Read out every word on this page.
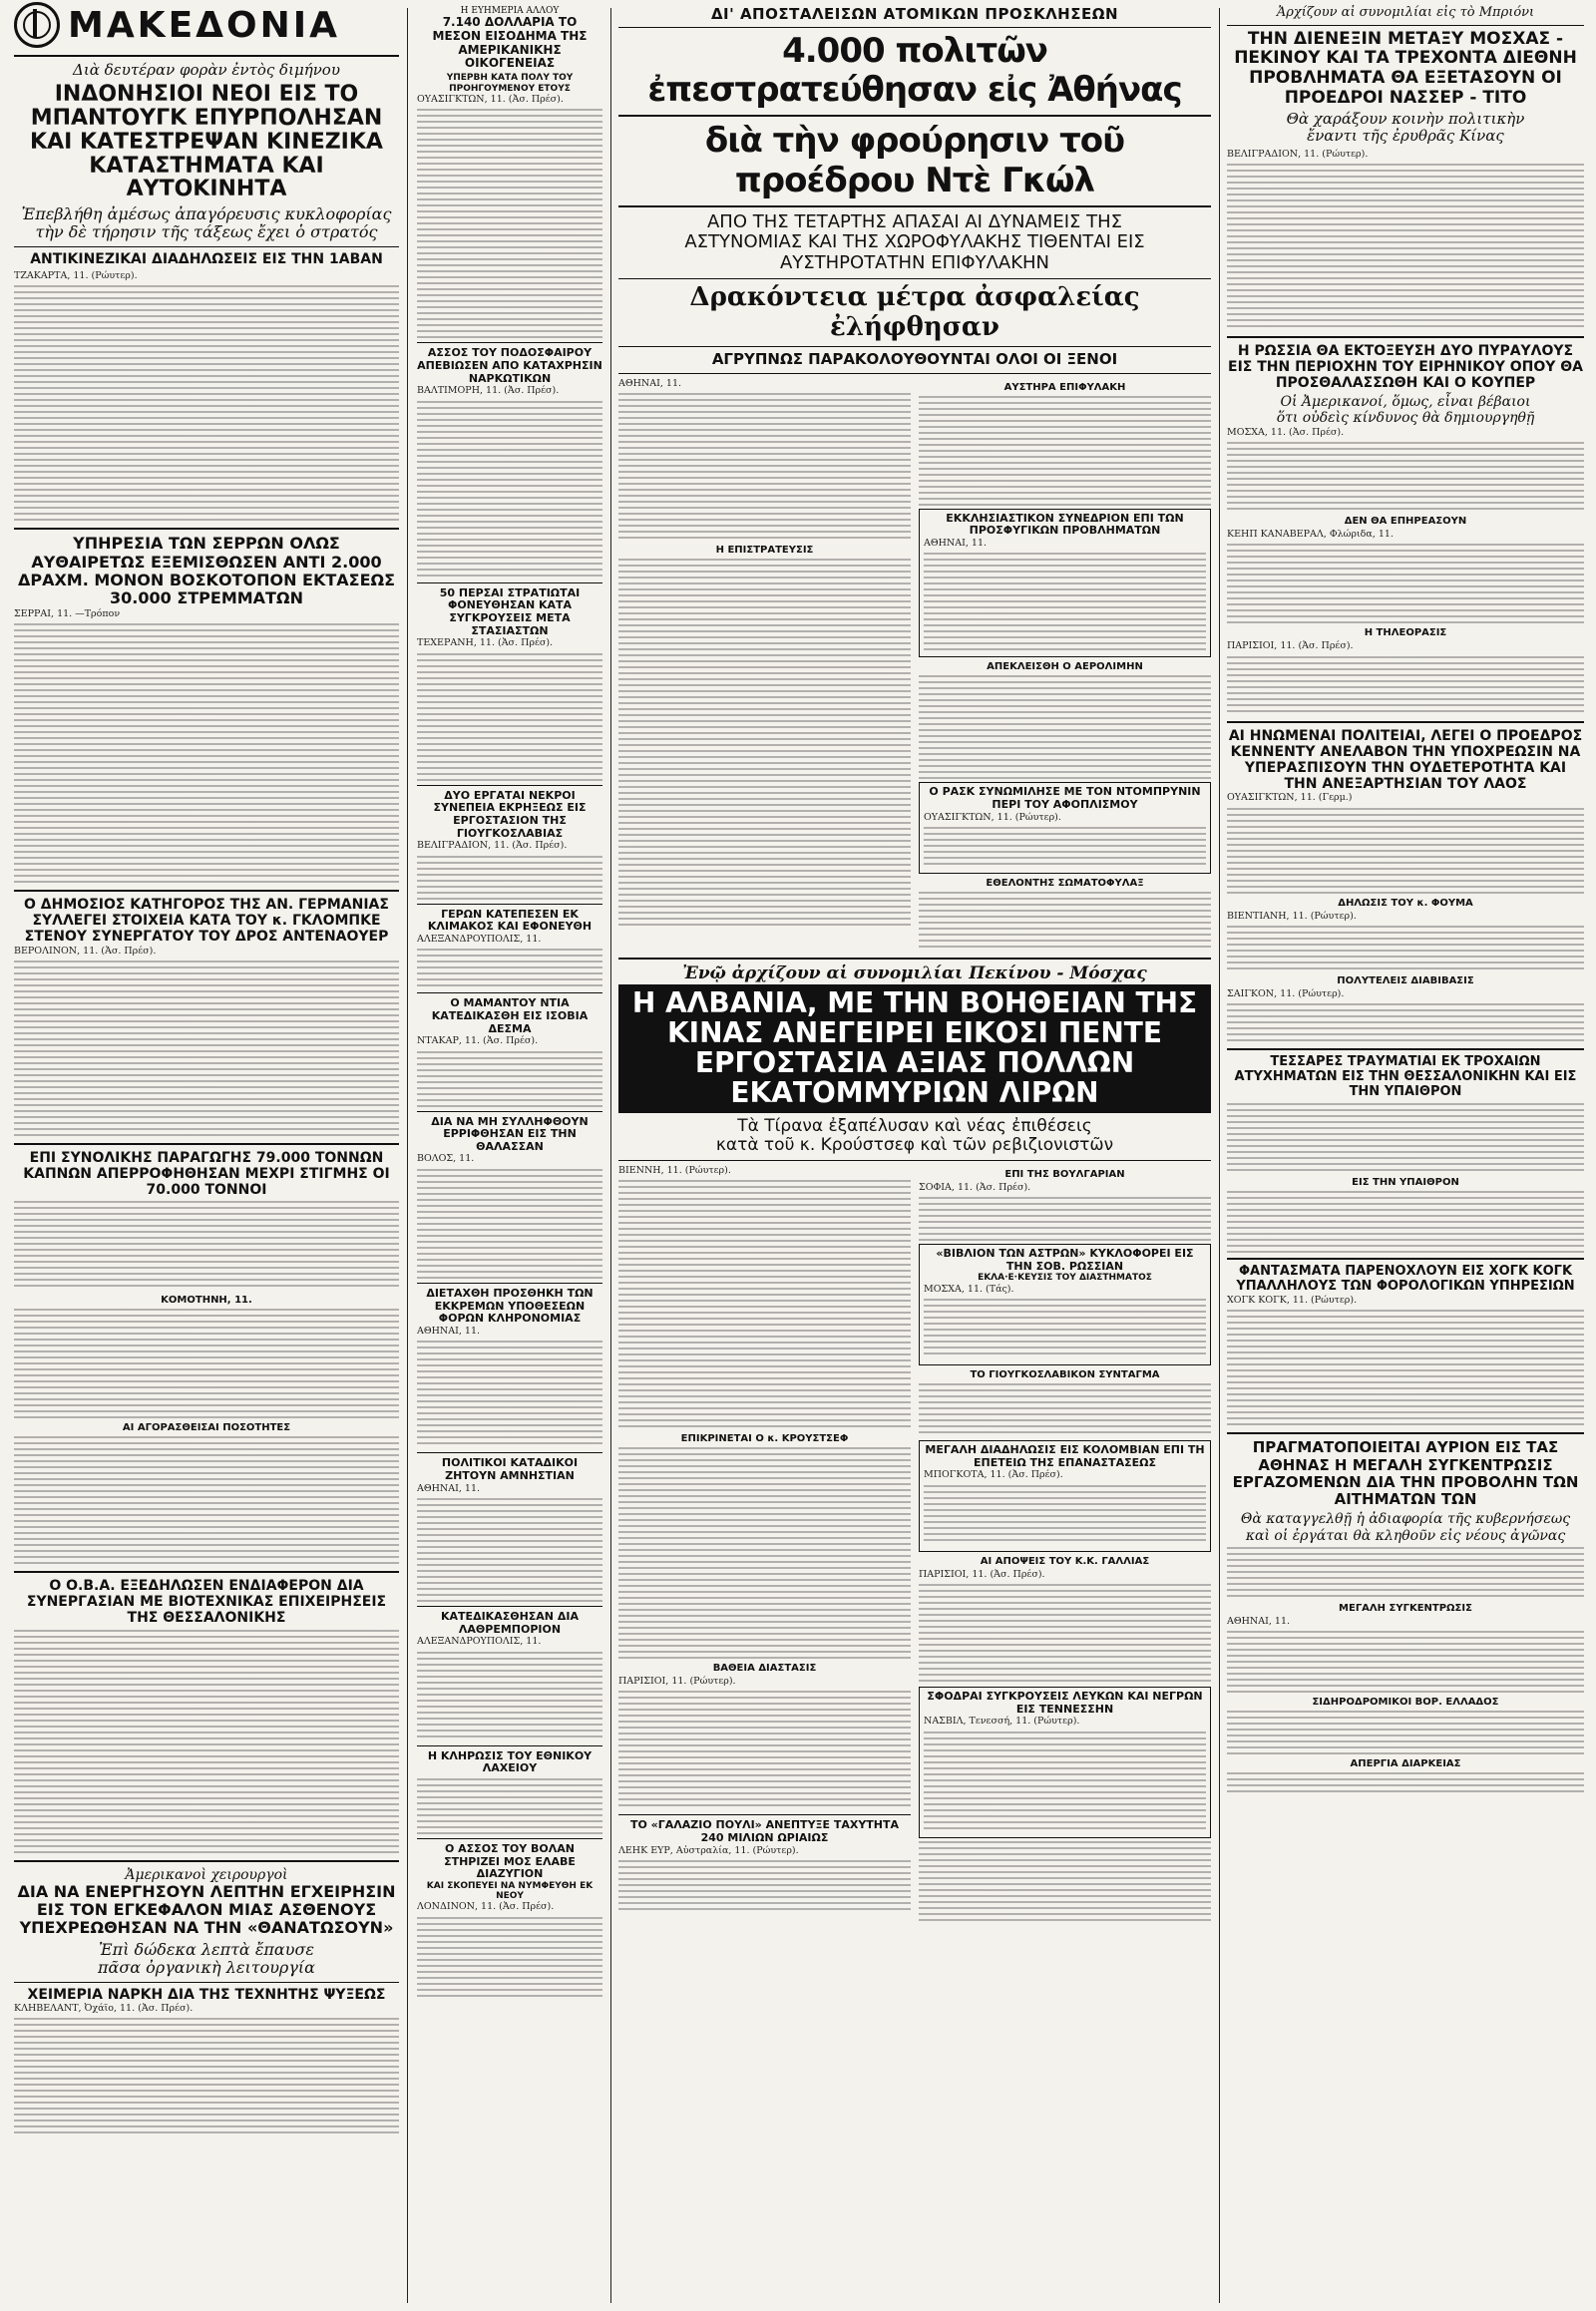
ΜΑΚΕΔΟΝΙΑ
Διὰ δευτέραν φορὰν ἐντὸς διμήνου
ΙΝΔΟΝΗΣΙΟΙ ΝΕΟΙ ΕΙΣ ΤΟ ΜΠΑΝΤΟΥΓΚ ΕΠΥΡΠΟΛΗΣΑΝ ΚΑΙ ΚΑΤΕΣΤΡΕΨΑΝ ΚΙΝΕΖΙΚΑ ΚΑΤΑΣΤΗΜΑΤΑ ΚΑΙ ΑΥΤΟΚΙΝΗΤΑ
Ἐπεβλήθη ἀμέσως ἀπαγόρευσις κυκλοφορίας
τὴν δὲ τήρησιν τῆς τάξεως ἔχει ὁ στρατός
ΑΝΤΙΚΙΝΕΖΙΚΑΙ ΔΙΑΔΗΛΩΣΕΙΣ ΕΙΣ ΤΗΝ 1ΑΒΑΝ
ΤΖΑΚΑΡΤΑ, 11. (Ρώυτερ).
ΥΠΗΡΕΣΙΑ ΤΩΝ ΣΕΡΡΩΝ ΟΛΩΣ ΑΥΘΑΙΡΕΤΩΣ ΕΞΕΜΙΣΘΩΣΕΝ ΑΝΤΙ 2.000 ΔΡΑΧΜ. ΜΟΝΟΝ ΒΟΣΚΟΤΟΠΟΝ ΕΚΤΑΣΕΩΣ 30.000 ΣΤΡΕΜΜΑΤΩΝ
ΣΕΡΡΑΙ, 11. —Τρόπον
Ο ΔΗΜΟΣΙΟΣ ΚΑΤΗΓΟΡΟΣ ΤΗΣ ΑΝ. ΓΕΡΜΑΝΙΑΣ ΣΥΛΛΕΓΕΙ ΣΤΟΙΧΕΙΑ ΚΑΤΑ ΤΟΥ κ. ΓΚΛΟΜΠΚΕ ΣΤΕΝΟΥ ΣΥΝΕΡΓΑΤΟΥ ΤΟΥ ΔΡΟΣ ΑΝΤΕΝΑΟΥΕΡ
ΒΕΡΟΛΙΝΟΝ, 11. (Ἀσ. Πρέσ).
ΕΠΙ ΣΥΝΟΛΙΚΗΣ ΠΑΡΑΓΩΓΗΣ 79.000 ΤΟΝΝΩΝ ΚΑΠΝΩΝ ΑΠΕΡΡΟΦΗΘΗΣΑΝ ΜΕΧΡΙ ΣΤΙΓΜΗΣ ΟΙ 70.000 ΤΟΝΝΟΙ
ΚΟΜΟΤΗΝΗ, 11.
ΑΙ ΑΓΟΡΑΣΘΕΙΣΑΙ ΠΟΣΟΤΗΤΕΣ
Ο Ο.Β.Α. ΕΞΕΔΗΛΩΣΕΝ ΕΝΔΙΑΦΕΡΟΝ ΔΙΑ ΣΥΝΕΡΓΑΣΙΑΝ ΜΕ ΒΙΟΤΕΧΝΙΚΑΣ ΕΠΙΧΕΙΡΗΣΕΙΣ ΤΗΣ ΘΕΣΣΑΛΟΝΙΚΗΣ
Ἀμερικανοὶ χειρουργοὶ
ΔΙΑ ΝΑ ΕΝΕΡΓΗΣΟΥΝ ΛΕΠΤΗΝ ΕΓΧΕΙΡΗΣΙΝ ΕΙΣ ΤΟΝ ΕΓΚΕΦΑΛΟΝ ΜΙΑΣ ΑΣΘΕΝΟΥΣ ΥΠΕΧΡΕΩΘΗΣΑΝ ΝΑ ΤΗΝ «ΘΑΝΑΤΩΣΟΥΝ»
Ἐπὶ δώδεκα λεπτὰ ἔπαυσε
πᾶσα ὀργανικὴ λειτουργία
ΧΕΙΜΕΡΙΑ ΝΑΡΚΗ ΔΙΑ ΤΗΣ ΤΕΧΝΗΤΗΣ ΨΥΞΕΩΣ
ΚΛΗΒΕΛΑΝΤ, Ὀχάϊο, 11. (Ἀσ. Πρέσ).
Η ΕΥΗΜΕΡΙΑ ΑΛΛΟΥ
7.140 ΔΟΛΛΑΡΙΑ ΤΟ ΜΕΣΟΝ ΕΙΣΟΔΗΜΑ ΤΗΣ ΑΜΕΡΙΚΑΝΙΚΗΣ ΟΙΚΟΓΕΝΕΙΑΣ
ΥΠΕΡΒΗ ΚΑΤΑ ΠΟΛΥ ΤΟΥ ΠΡΟΗΓΟΥΜΕΝΟΥ ΕΤΟΥΣ
ΟΥΑΣΙΓΚΤΩΝ, 11. (Ἀσ. Πρέσ).
ΑΣΣΟΣ ΤΟΥ ΠΟΔΟΣΦΑΙΡΟΥ ΑΠΕΒΙΩΣΕΝ ΑΠΟ ΚΑΤΑΧΡΗΣΙΝ ΝΑΡΚΩΤΙΚΩΝ
ΒΑΛΤΙΜΟΡΗ, 11. (Ἀσ. Πρέσ).
50 ΠΕΡΣΑΙ ΣΤΡΑΤΙΩΤΑΙ ΦΟΝΕΥΘΗΣΑΝ ΚΑΤΑ ΣΥΓΚΡΟΥΣΕΙΣ ΜΕΤΑ ΣΤΑΣΙΑΣΤΩΝ
ΤΕΧΕΡΑΝΗ, 11. (Ἀσ. Πρέσ).
ΔΥΟ ΕΡΓΑΤΑΙ ΝΕΚΡΟΙ ΣΥΝΕΠΕΙΑ ΕΚΡΗΞΕΩΣ ΕΙΣ ΕΡΓΟΣΤΑΣΙΟΝ ΤΗΣ ΓΙΟΥΓΚΟΣΛΑΒΙΑΣ
ΒΕΛΙΓΡΑΔΙΟΝ, 11. (Ἀσ. Πρέσ).
ΓΕΡΩΝ ΚΑΤΕΠΕΣΕΝ ΕΚ ΚΛΙΜΑΚΟΣ ΚΑΙ ΕΦΟΝΕΥΘΗ
ΑΛΕΞΑΝΔΡΟΥΠΟΛΙΣ, 11.
Ο ΜΑΜΑΝΤΟΥ ΝΤΙΑ ΚΑΤΕΔΙΚΑΣΘΗ ΕΙΣ ΙΣΟΒΙΑ ΔΕΣΜΑ
ΝΤΑΚΑΡ, 11. (Ἀσ. Πρέσ).
ΔΙΑ ΝΑ ΜΗ ΣΥΛΛΗΦΘΟΥΝ ΕΡΡΙΦΘΗΣΑΝ ΕΙΣ ΤΗΝ ΘΑΛΑΣΣΑΝ
ΒΟΛΟΣ, 11.
ΔΙΕΤΑΧΘΗ ΠΡΟΣΘΗΚΗ ΤΩΝ ΕΚΚΡΕΜΩΝ ΥΠΟΘΕΣΕΩΝ ΦΟΡΩΝ ΚΛΗΡΟΝΟΜΙΑΣ
ΑΘΗΝΑΙ, 11.
ΠΟΛΙΤΙΚΟΙ ΚΑΤΑΔΙΚΟΙ ΖΗΤΟΥΝ ΑΜΝΗΣΤΙΑΝ
ΑΘΗΝΑΙ, 11.
ΚΑΤΕΔΙΚΑΣΘΗΣΑΝ ΔΙΑ ΛΑΘΡΕΜΠΟΡΙΟΝ
ΑΛΕΞΑΝΔΡΟΥΠΟΛΙΣ, 11.
Η ΚΛΗΡΩΣΙΣ ΤΟΥ ΕΘΝΙΚΟΥ ΛΑΧΕΙΟΥ
Ο ΑΣΣΟΣ ΤΟΥ ΒΟΛΑΝ ΣΤΗΡΙΖΕΙ ΜΟΣ ΕΛΑΒΕ ΔΙΑΖΥΓΙΟΝ
ΚΑΙ ΣΚΟΠΕΥΕΙ ΝΑ ΝΥΜΦΕΥΘΗ ΕΚ ΝΕΟΥ
ΛΟΝΔΙΝΟΝ, 11. (Ἀσ. Πρέσ).
ΔΙ' ΑΠΟΣΤΑΛΕΙΣΩΝ ΑΤΟΜΙΚΩΝ ΠΡΟΣΚΛΗΣΕΩΝ
4.000 πολιτῶν ἐπεστρατεύθησαν εἰς Ἀθήνας
διὰ τὴν φρούρησιν τοῦ προέδρου Ντὲ Γκώλ
ΑΠΟ ΤΗΣ ΤΕΤΑΡΤΗΣ ΑΠΑΣΑΙ ΑΙ ΔΥΝΑΜΕΙΣ ΤΗΣ ΑΣΤΥΝΟΜΙΑΣ ΚΑΙ ΤΗΣ ΧΩΡΟΦΥΛΑΚΗΣ ΤΙΘΕΝΤΑΙ ΕΙΣ ΑΥΣΤΗΡΟΤΑΤΗΝ ΕΠΙΦΥΛΑΚΗΝ
Δρακόντεια μέτρα ἀσφαλείας ἐλήφθησαν
ΑΓΡΥΠΝΩΣ ΠΑΡΑΚΟΛΟΥΘΟΥΝΤΑΙ ΟΛΟΙ ΟΙ ΞΕΝΟΙ
ΑΘΗΝΑΙ, 11.
Η ΕΠΙΣΤΡΑΤΕΥΣΙΣ
ΑΥΣΤΗΡΑ ΕΠΙΦΥΛΑΚΗ
ΕΚΚΛΗΣΙΑΣΤΙΚΟΝ ΣΥΝΕΔΡΙΟΝ ΕΠΙ ΤΩΝ ΠΡΟΣΦΥΓΙΚΩΝ ΠΡΟΒΛΗΜΑΤΩΝ
ΑΘΗΝΑΙ, 11.
ΑΠΕΚΛΕΙΣΘΗ Ο ΑΕΡΟΛΙΜΗΝ
Ο ΡΑΣΚ ΣΥΝΩΜΙΛΗΣΕ ΜΕ ΤΟΝ ΝΤΟΜΠΡΥΝΙΝ ΠΕΡΙ ΤΟΥ ΑΦΟΠΛΙΣΜΟΥ
ΟΥΑΣΙΓΚΤΩΝ, 11. (Ρώυτερ).
ΕΘΕΛΟΝΤΗΣ ΣΩΜΑΤΟΦΥΛΑΞ
Ἐνῷ ἀρχίζουν αἱ συνομιλίαι Πεκίνου - Μόσχας
Η ΑΛΒΑΝΙΑ, ΜΕ ΤΗΝ ΒΟΗΘΕΙΑΝ ΤΗΣ ΚΙΝΑΣ ΑΝΕΓΕΙΡΕΙ ΕΙΚΟΣΙ ΠΕΝΤΕ ΕΡΓΟΣΤΑΣΙΑ ΑΞΙΑΣ ΠΟΛΛΩΝ ΕΚΑΤΟΜΜΥΡΙΩΝ ΛΙΡΩΝ
Τὰ Τίρανα ἐξαπέλυσαν καὶ νέας ἐπιθέσεις
κατὰ τοῦ κ. Κρούστσεφ καὶ τῶν ρεβιζιονιστῶν
ΒΙΕΝΝΗ, 11. (Ρώυτερ).
ΕΠΙΚΡΙΝΕΤΑΙ Ο κ. ΚΡΟΥΣΤΣΕΦ
ΒΑΘΕΙΑ ΔΙΑΣΤΑΣΙΣ
ΠΑΡΙΣΙΟΙ, 11. (Ρώυτερ).
ΤΟ «ΓΑΛΑΖΙΟ ΠΟΥΛΙ» ΑΝΕΠΤΥΞΕ ΤΑΧΥΤΗΤΑ 240 ΜΙΛΙΩΝ ΩΡΙΑΙΩΣ
ΛΕΗΚ ΕΥΡ, Αὐστραλία, 11. (Ρώυτερ).
ΕΠΙ ΤΗΣ ΒΟΥΛΓΑΡΙΑΝ
ΣΟΦΙΑ, 11. (Ἀσ. Πρέσ).
«ΒΙΒΛΙΟΝ ΤΩΝ ΑΣΤΡΩΝ» ΚΥΚΛΟΦΟΡΕΙ ΕΙΣ ΤΗΝ ΣΟΒ. ΡΩΣΣΙΑΝ
ΕΚΛΑ·Ε·ΚΕΥΣΙΣ ΤΟΥ ΔΙΑΣΤΗΜΑΤΟΣ
ΜΟΣΧΑ, 11. (Τάς).
ΤΟ ΓΙΟΥΓΚΟΣΛΑΒΙΚΟΝ ΣΥΝΤΑΓΜΑ
ΜΕΓΑΛΗ ΔΙΑΔΗΛΩΣΙΣ ΕΙΣ ΚΟΛΟΜΒΙΑΝ ΕΠΙ ΤΗ ΕΠΕΤΕΙΩ ΤΗΣ ΕΠΑΝΑΣΤΑΣΕΩΣ
ΜΠΟΓΚΟΤΑ, 11. (Ἀσ. Πρέσ).
ΑΙ ΑΠΟΨΕΙΣ ΤΟΥ Κ.Κ. ΓΑΛΛΙΑΣ
ΠΑΡΙΣΙΟΙ, 11. (Ἀσ. Πρέσ).
ΣΦΟΔΡΑΙ ΣΥΓΚΡΟΥΣΕΙΣ ΛΕΥΚΩΝ ΚΑΙ ΝΕΓΡΩΝ ΕΙΣ ΤΕΝΝΕΣΣΗΝ
ΝΑΣΒΙΛ, Τενεσσή, 11. (Ρώυτερ).
Ἀρχίζουν αἱ συνομιλίαι εἰς τὸ Μπριόνι
ΤΗΝ ΔΙΕΝΕΞΙΝ ΜΕΤΑΞΥ ΜΟΣΧΑΣ - ΠΕΚΙΝΟΥ ΚΑΙ ΤΑ ΤΡΕΧΟΝΤΑ ΔΙΕΘΝΗ ΠΡΟΒΛΗΜΑΤΑ ΘΑ ΕΞΕΤΑΣΟΥΝ ΟΙ ΠΡΟΕΔΡΟΙ ΝΑΣΣΕΡ - ΤΙΤΟ
Θὰ χαράξουν κοινὴν πολιτικὴν
ἔναντι τῆς ἐρυθρᾶς Κίνας
ΒΕΛΙΓΡΑΔΙΟΝ, 11. (Ρώυτερ).
Η ΡΩΣΣΙΑ ΘΑ ΕΚΤΟΞΕΥΣΗ ΔΥΟ ΠΥΡΑΥΛΟΥΣ ΕΙΣ ΤΗΝ ΠΕΡΙΟΧΗΝ ΤΟΥ ΕΙΡΗΝΙΚΟΥ ΟΠΟΥ ΘΑ ΠΡΟΣΘΑΛΑΣΣΩΘΗ ΚΑΙ Ο ΚΟΥΠΕΡ
Οἱ Ἀμερικανοί, ὅμως, εἶναι βέβαιοι
ὅτι οὐδεὶς κίνδυνος θὰ δημιουργηθῇ
ΜΟΣΧΑ, 11. (Ἀσ. Πρέσ).
ΔΕΝ ΘΑ ΕΠΗΡΕΑΣΟΥΝ
ΚΕΗΠ ΚΑΝΑΒΕΡΑΛ, Φλώριδα, 11.
Η ΤΗΛΕΟΡΑΣΙΣ
ΠΑΡΙΣΙΟΙ, 11. (Ἀσ. Πρέσ).
ΑΙ ΗΝΩΜΕΝΑΙ ΠΟΛΙΤΕΙΑΙ, ΛΕΓΕΙ Ο ΠΡΟΕΔΡΟΣ ΚΕΝΝΕΝΤΥ ΑΝΕΛΑΒΟΝ ΤΗΝ ΥΠΟΧΡΕΩΣΙΝ ΝΑ ΥΠΕΡΑΣΠΙΣΟΥΝ ΤΗΝ ΟΥΔΕΤΕΡΟΤΗΤΑ ΚΑΙ ΤΗΝ ΑΝΕΞΑΡΤΗΣΙΑΝ ΤΟΥ ΛΑΟΣ
ΟΥΑΣΙΓΚΤΩΝ, 11. (Γερμ.)
ΔΗΛΩΣΙΣ ΤΟΥ κ. ΦΟΥΜΑ
ΒΙΕΝΤΙΑΝΗ, 11. (Ρώυτερ).
ΠΟΛΥΤΕΛΕΙΣ ΔΙΑΒΙΒΑΣΙΣ
ΣΑΙΓΚΟΝ, 11. (Ρώυτερ).
ΤΕΣΣΑΡΕΣ ΤΡΑΥΜΑΤΙΑΙ ΕΚ ΤΡΟΧΑΙΩΝ ΑΤΥΧΗΜΑΤΩΝ ΕΙΣ ΤΗΝ ΘΕΣΣΑΛΟΝΙΚΗΝ ΚΑΙ ΕΙΣ ΤΗΝ ΥΠΑΙΘΡΟΝ
ΕΙΣ ΤΗΝ ΥΠΑΙΘΡΟΝ
ΦΑΝΤΑΣΜΑΤΑ ΠΑΡΕΝΟΧΛΟΥΝ ΕΙΣ ΧΟΓΚ ΚΟΓΚ ΥΠΑΛΛΗΛΟΥΣ ΤΩΝ ΦΟΡΟΛΟΓΙΚΩΝ ΥΠΗΡΕΣΙΩΝ
ΧΟΓΚ ΚΟΓΚ, 11. (Ρώυτερ).
ΠΡΑΓΜΑΤΟΠΟΙΕΙΤΑΙ ΑΥΡΙΟΝ ΕΙΣ ΤΑΣ ΑΘΗΝΑΣ Η ΜΕΓΑΛΗ ΣΥΓΚΕΝΤΡΩΣΙΣ ΕΡΓΑΖΟΜΕΝΩΝ ΔΙΑ ΤΗΝ ΠΡΟΒΟΛΗΝ ΤΩΝ ΑΙΤΗΜΑΤΩΝ ΤΩΝ
Θὰ καταγγελθῇ ἡ ἀδιαφορία τῆς κυβερνήσεως
καὶ οἱ ἐργάται θὰ κληθοῦν εἰς νέους ἀγῶνας
ΜΕΓΑΛΗ ΣΥΓΚΕΝΤΡΩΣΙΣ
ΑΘΗΝΑΙ, 11.
ΣΙΔΗΡΟΔΡΟΜΙΚΟΙ ΒΟΡ. ΕΛΛΑΔΟΣ
ΑΠΕΡΓΙΑ ΔΙΑΡΚΕΙΑΣ
